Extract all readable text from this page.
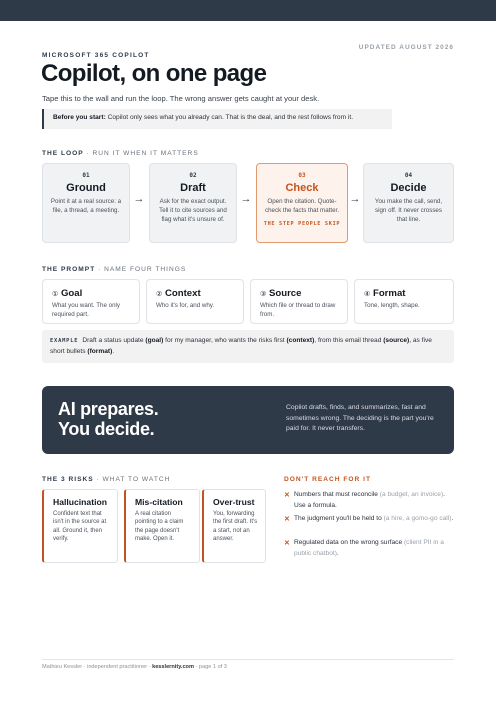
MICROSOFT 365 COPILOT
UPDATED AUGUST 2026
Copilot, on one page
Tape this to the wall and run the loop. The wrong answer gets caught at your desk.
Before you start: Copilot only sees what you already can. That is the deal, and the rest follows from it.
THE LOOP · RUN IT WHEN IT MATTERS
01
Ground
Point it at a real source: a file, a thread, a meeting.
→
02
Draft
Ask for the exact output. Tell it to cite sources and flag what it's unsure of.
→
03
Check
Open the citation. Quote-check the facts that matter.
THE STEP PEOPLE SKIP
→
04
Decide
You make the call, send, sign off. It never crosses that line.
THE PROMPT · NAME FOUR THINGS
① Goal
What you want. The only required part.
② Context
Who it's for, and why.
③ Source
Which file or thread to draw from.
④ Format
Tone, length, shape.
EXAMPLE Draft a status update (goal) for my manager, who wants the risks first (context), from this email thread (source), as five short bullets (format).
AI prepares.
You decide.
Copilot drafts, finds, and summarizes, fast and sometimes wrong. The deciding is the part you're paid for. It never transfers.
THE 3 RISKS · WHAT TO WATCH
Hallucination
Confident text that isn't in the source at all. Ground it, then verify.
Mis-citation
A real citation pointing to a claim the page doesn't make. Open it.
Over-trust
You, forwarding the first draft. It's a start, not an answer.
DON'T REACH FOR IT
✕ Numbers that must reconcile (a budget, an invoice). Use a formula.
✕ The judgment you'll be held to (a hire, a go/no-go call).
✕ Regulated data on the wrong surface (client PII in a public chatbot).
Mathieu Kessler · independent practitioner · kesslernity.com · page 1 of 3
